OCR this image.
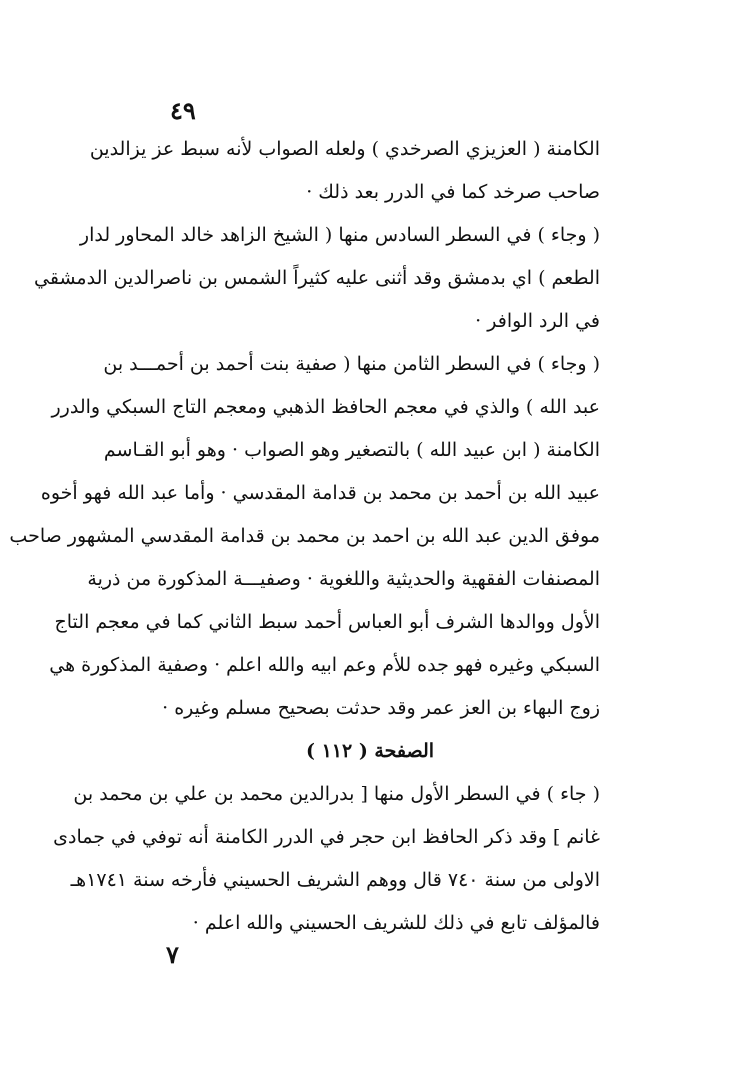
٤٩
الكامنة ( العزيزي الصرخدي ) ولعله الصواب لأنه سبط عز يزالدين
صاحب صرخد كما في الدرر بعد ذلك ·
( وجاء ) في السطر السادس منها ( الشيخ الزاهد خالد المحاور لدار
الطعم ) اي بدمشق وقد أثنى عليه كثيراً الشمس بن ناصرالدين الدمشقي
في الرد الوافر ·
( وجاء ) في السطر الثامن منها ( صفية بنت أحمد بن أحمـــد بن
عبد الله ) والذي في معجم الحافظ الذهبي ومعجم التاج السبكي والدرر
الكامنة ( ابن عبيد الله ) بالتصغير وهو الصواب · وهو أبو القـاسم
عبيد الله بن أحمد بن محمد بن قدامة المقدسي · وأما عبد الله فهو أخوه
موفق الدين عبد الله بن احمد بن محمد بن قدامة المقدسي المشهور صاحب
المصنفات الفقهية والحديثية واللغوية · وصفيـــة المذكورة من ذرية
الأول ووالدها الشرف أبو العباس أحمد سبط الثاني كما في معجم التاج
السبكي وغيره فهو جده للأم وعم ابيه والله اعلم · وصفية المذكورة هي
زوج البهاء بن العز عمر وقد حدثت بصحيح مسلم وغيره ·
الصفحة ( ١١٢ )
( جاء ) في السطر الأول منها [ بدرالدين محمد بن علي بن محمد بن
غانم ] وقد ذكر الحافظ ابن حجر في الدرر الكامنة أنه توفي في جمادى
الاولى من سنة ٧٤٠ قال ووهم الشريف الحسيني فأرخه سنة ١٧٤١هـ
فالمؤلف تابع في ذلك للشريف الحسيني والله اعلم ·
٧
